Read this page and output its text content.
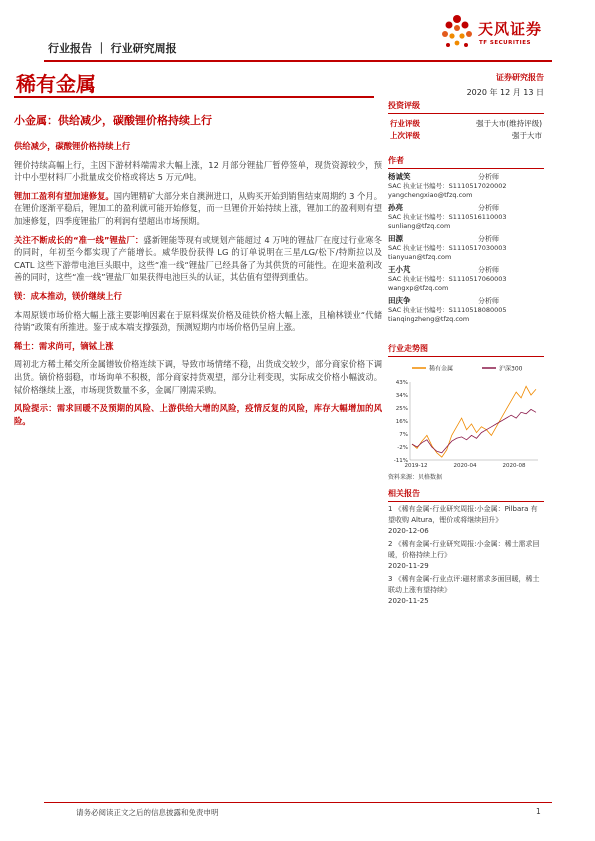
行业报告 ｜ 行业研究周报
天风证券
TF SECURITIES
稀有金属	证券研究报告
2020 年 12 月 13 日
小金属：供给减少，碳酸锂价格持续上行

供给减少，碳酸锂价格持续上行

锂价持续高幅上行，主因下游材料端需求大幅上涨，12 月部分锂盐厂暂停签单，现货资源较少，预计中小型材料厂小批量成交价格或将达 5 万元/吨。

锂加工盈利有望加速修复。国内锂精矿大部分来自澳洲进口，从购买开始到销售结束周期约 3 个月。在锂价逐渐平稳后，锂加工的盈利就可能开始修复，而一旦锂价开始持续上涨，锂加工的盈利则有望加速修复，四季度锂盐厂的利润有望超出市场预期。

关注不断成长的“准一线”锂盐厂：盛新锂能等现有或规划产能超过 4 万吨的锂盐厂在度过行业寒冬的同时，年初至今都实现了产能增长。威华股份获得 LG 的订单说明在三星/LG/松下/特斯拉以及 CATL 这些下游带电池巨头眼中，这些“准一线“锂盐厂已经具备了为其供货的可能性。在迎来盈利改善的同时，这些“准一线”锂盐厂如果获得电池巨头的认证，其估值有望得到重估。

镁：成本推动，镁价继续上行

本周原镁市场价格大幅上涨主要影响因素在于原料煤炭价格及硅铁价格大幅上涨，且榆林镁业“代储待销”政策有所推进。鉴于成本端支撑强劲，预测短期内市场价格仍呈肩上涨。

稀土：需求尚可，镝铽上涨

周初北方稀土稀交所金属镨钕价格连续下调，导致市场情绪不稳，出货成交较少，部分商家价格下调出货。镝价格弱稳，市场询单不积极，部分商家持货观望，部分让利变现，实际成交价格小幅波动。铽价格继续上涨，市场现货数量不多，金属厂刚需采购。

风险提示：需求回暖不及预期的风险、上游供给大增的风险，疫情反复的风险，库存大幅增加的风险。

投资评级
行业评级	强于大市(维持评级)
上次评级	强于大市
作者
杨诚笑	分析师
SAC 执业证书编号：S1110517020002
yangchengxiao@tfzq.com
孙亮	分析师
SAC 执业证书编号：S1110516110003
sunliang@tfzq.com
田源	分析师
SAC 执业证书编号：S1110517030003
tianyuan@tfzq.com
王小芃	分析师
SAC 执业证书编号：S1110517060003
wangxp@tfzq.com
田庆争	分析师
SAC 执业证书编号：S1110518080005
tianqingzheng@tfzq.com
行业走势图
稀有金属	沪深300
43%
34%
25%
16%
7%
-2%
-11%
2019-12	2020-04	2020-08
资料来源：贝格数据
相关报告
1 《稀有金属-行业研究周报:小金属：Pilbara 有望收购 Altura，锂价或将继续回升》
2020-12-06
2 《稀有金属-行业研究周报:小金属：稀土需求回暖，价格持续上行》
2020-11-29
3 《稀有金属-行业点评:磁材需求多面回暖，稀土联动上涨有望持续》
2020-11-25
请务必阅读正文之后的信息披露和免责申明	1
